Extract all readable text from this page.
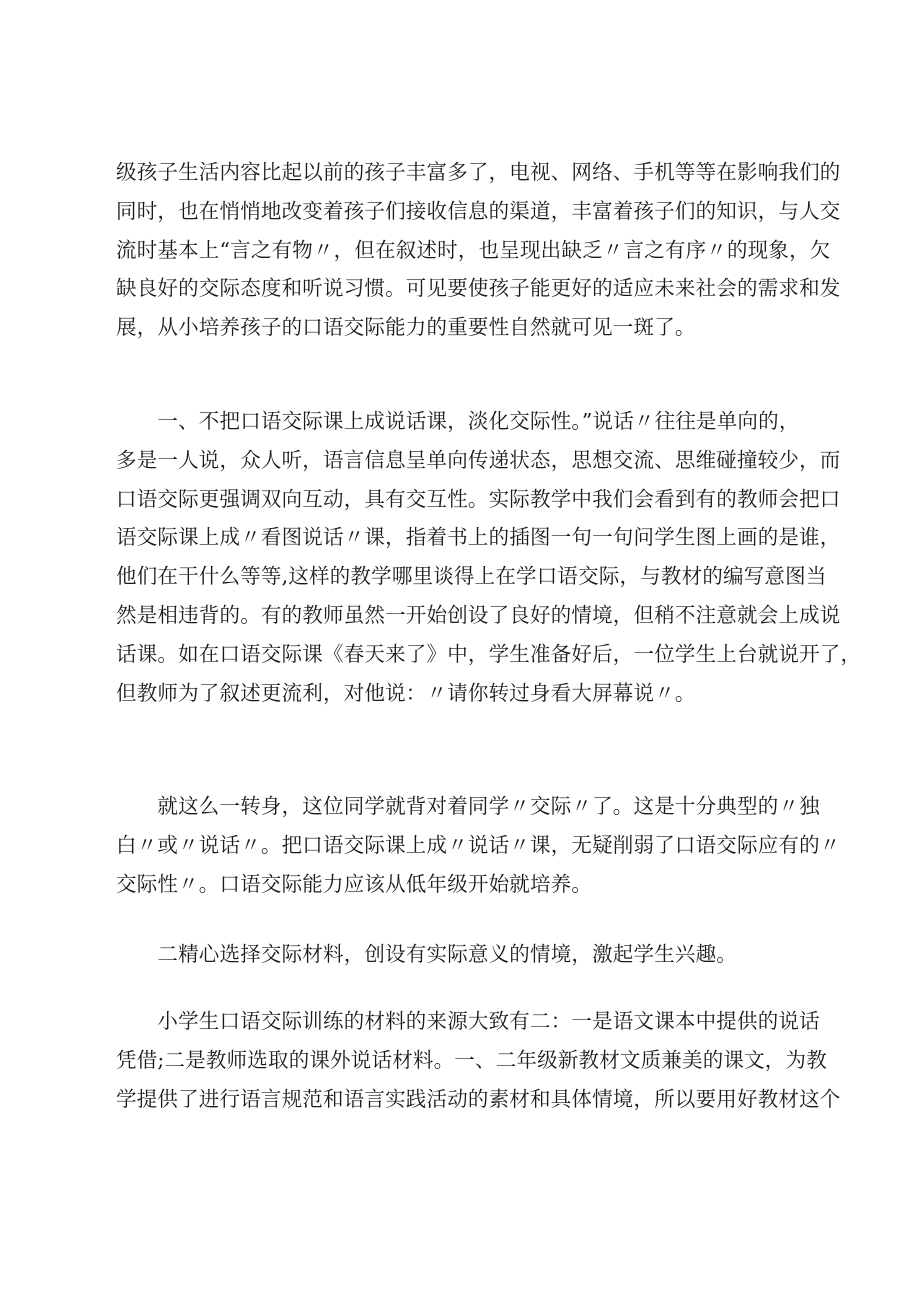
级孩子生活内容比起以前的孩子丰富多了，电视、网络、手机等等在影响我们的
同时，也在悄悄地改变着孩子们接收信息的渠道，丰富着孩子们的知识，与人交
流时基本上“言之有物〃，但在叙述时，也呈现出缺乏〃言之有序〃的现象，欠
缺良好的交际态度和听说习惯。可见要使孩子能更好的适应未来社会的需求和发
展，从小培养孩子的口语交际能力的重要性自然就可见一斑了。
　　一、不把口语交际课上成说话课，淡化交际性。”说话〃往往是单向的，
多是一人说，众人听，语言信息呈单向传递状态，思想交流、思维碰撞较少，而
口语交际更强调双向互动，具有交互性。实际教学中我们会看到有的教师会把口
语交际课上成〃看图说话〃课，指着书上的插图一句一句问学生图上画的是谁，
他们在干什么等等,这样的教学哪里谈得上在学口语交际，与教材的编写意图当
然是相违背的。有的教师虽然一开始创设了良好的情境，但稍不注意就会上成说
话课。如在口语交际课《春天来了》中，学生准备好后，一位学生上台就说开了，
但教师为了叙述更流利，对他说：〃请你转过身看大屏幕说〃。
　　就这么一转身，这位同学就背对着同学〃交际〃了。这是十分典型的〃独
白〃或〃说话〃。把口语交际课上成〃说话〃课，无疑削弱了口语交际应有的〃
交际性〃。口语交际能力应该从低年级开始就培养。
　　二精心选择交际材料，创设有实际意义的情境，激起学生兴趣。
　　小学生口语交际训练的材料的来源大致有二：一是语文课本中提供的说话
凭借;二是教师选取的课外说话材料。一、二年级新教材文质兼美的课文，为教
学提供了进行语言规范和语言实践活动的素材和具体情境，所以要用好教材这个
